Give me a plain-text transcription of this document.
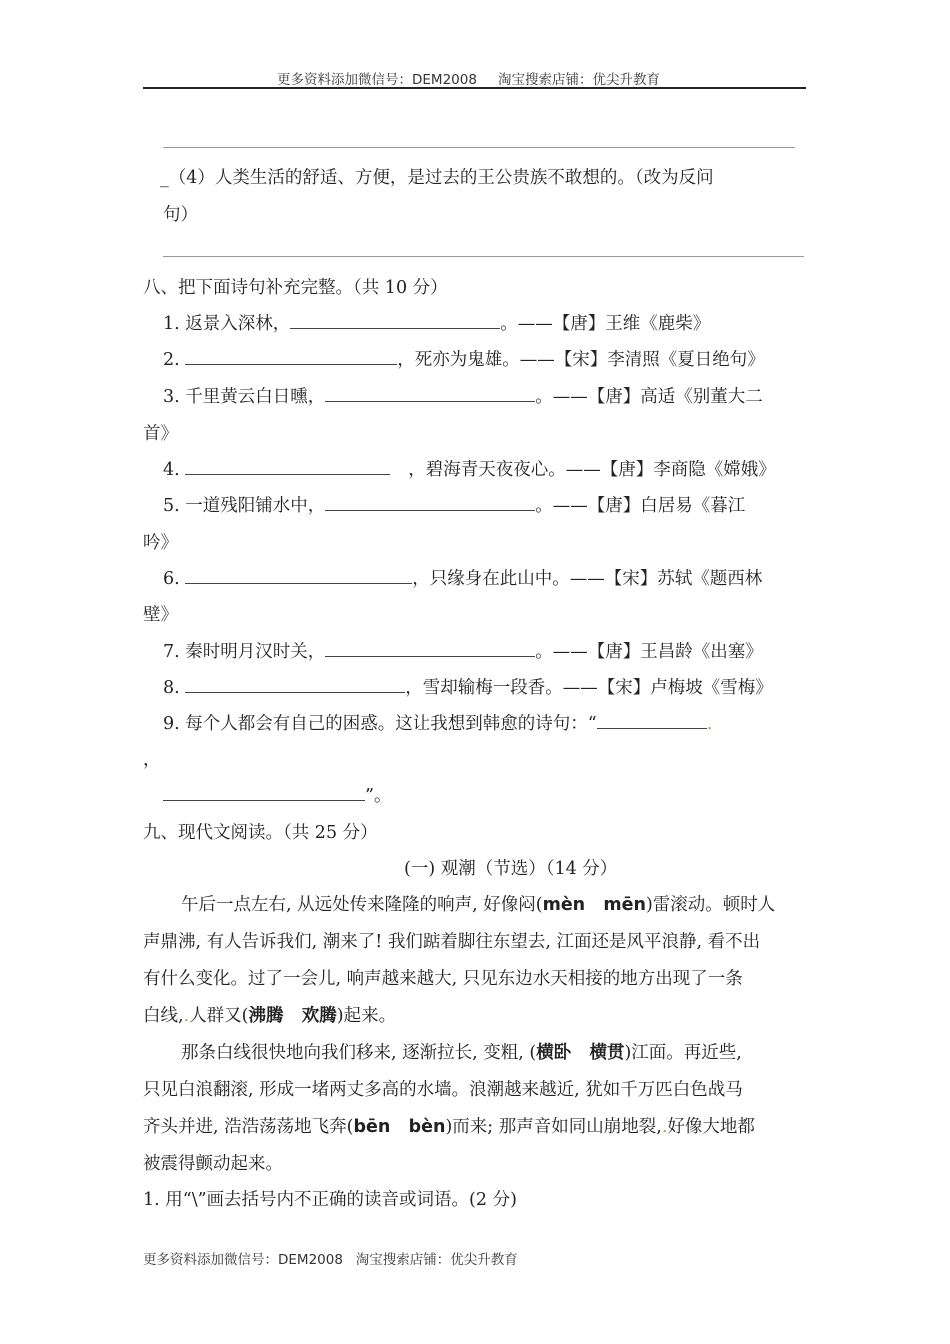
更多资料添加微信号：DEM2008 淘宝搜索店铺：优尖升教育
_（4）人类生活的舒适、方便，是过去的王公贵族不敢想的。（改为反问
句）
八、把下面诗句补充完整。（共 10 分）
1. 返景入深林，	。——【唐】王维《鹿柴》
2.	，死亦为鬼雄。——【宋】李清照《夏日绝句》
3. 千里黄云白日曛，	。——【唐】高适《别董大二
首》
4.	，碧海青天夜夜心。——【唐】李商隐《嫦娥》
5. 一道残阳铺水中，	。——【唐】白居易《暮江
吟》
6.	，只缘身在此山中。——【宋】苏轼《题西林
壁》
7. 秦时明月汉时关，	。——【唐】王昌龄《出塞》
8.	，雪却输梅一段香。——【宋】卢梅坡《雪梅》
9. 每个人都会有自己的困惑。这让我想到韩愈的诗句：“	.
，
”。
九、现代文阅读。（共 25 分）
(一) 观潮（节选）（14 分）
午后一点左右, 从远处传来隆隆的响声, 好像闷(mèn   mēn)雷滚动。顿时人
声鼎沸, 有人告诉我们, 潮来了! 我们踮着脚往东望去, 江面还是风平浪静, 看不出
有什么变化。过了一会儿, 响声越来越大, 只见东边水天相接的地方出现了一条
白线,.人群又(沸腾   欢腾)起来。
那条白线很快地向我们移来, 逐渐拉长, 变粗, (横卧   横贯)江面。再近些,
只见白浪翻滚, 形成一堵两丈多高的水墙。浪潮越来越近, 犹如千万匹白色战马
齐头并进, 浩浩荡荡地飞奔(bēn   bèn)而来; 那声音如同山崩地裂,.好像大地都
被震得颤动起来。
1. 用“\”画去括号内不正确的读音或词语。(2 分)
更多资料添加微信号：DEM2008   淘宝搜索店铺：优尖升教育
